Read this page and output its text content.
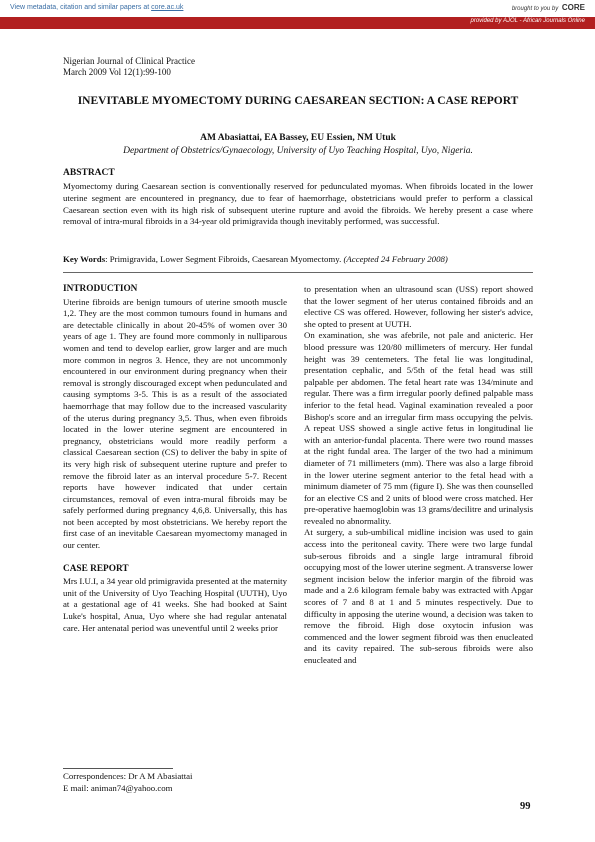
View metadata, citation and similar papers at core.ac.uk	brought to you by CORE
provided by AJOL - African Journals Online
Nigerian Journal of Clinical Practice
March 2009 Vol 12(1):99-100
INEVITABLE MYOMECTOMY DURING CAESAREAN SECTION: A CASE REPORT
AM Abasiattai, EA Bassey, EU Essien, NM Utuk
Department of Obstetrics/Gynaecology, University of Uyo Teaching Hospital, Uyo, Nigeria.
ABSTRACT
Myomectomy during Caesarean section is conventionally reserved for pedunculated myomas. When fibroids located in the lower uterine segment are encountered in pregnancy, due to fear of haemorrhage, obstetricians would prefer to perform a classical Caesarean section even with its high risk of subsequent uterine rupture and avoid the fibroids. We hereby present a case where removal of intra-mural fibroids in a 34-year old primigravida though inevitably performed, was successful.
Key Words: Primigravida, Lower Segment Fibroids, Caesarean Myomectomy. (Accepted 24 February 2008)
INTRODUCTION

Uterine fibroids are benign tumours of uterine smooth muscle 1,2. They are the most common tumours found in humans and are detectable clinically in about 20-45% of women over 30 years of age 1. They are found more commonly in nulliparous women and tend to develop earlier, grow larger and are much more common in negros 3. Hence, they are not uncommonly encountered in our environment during pregnancy when their removal is strongly discouraged except when pedunculated and causing symptoms 3-5. This is as a result of the associated haemorrhage that may follow due to the increased vascularity of the uterus during pregnancy 3,5. Thus, when even fibroids located in the lower uterine segment are encountered in pregnancy, obstetricians would more readily perform a classical Caesarean section (CS) to deliver the baby in spite of its very high risk of subsequent uterine rupture and prefer to remove the fibroid later as an interval procedure 5-7. Recent reports have however indicated that under certain circumstances, removal of even intra-mural fibroids may be safely performed during pregnancy 4,6,8. Universally, this has not been accepted by most obstetricians. We hereby report the first case of an inevitable Caesarean myomectomy managed in our center.

CASE REPORT

Mrs I.U.I, a 34 year old primigravida presented at the maternity unit of the University of Uyo Teaching Hospital (UUTH), Uyo at a gestational age of 41 weeks. She had booked at Saint Luke's hospital, Anua, Uyo where she had regular antenatal care. Her antenatal period was uneventful until 2 weeks prior

to presentation when an ultrasound scan (USS) report showed that the lower segment of her uterus contained fibroids and an elective CS was offered. However, following her sister's advice, she opted to present at UUTH.

On examination, she was afebrile, not pale and anicteric. Her blood pressure was 120/80 millimeters of mercury. Her fundal height was 39 centemeters. The fetal lie was longitudinal, presentation cephalic, and 5/5th of the fetal head was still palpable per abdomen. The fetal heart rate was 134/minute and regular. There was a firm irregular poorly defined palpable mass inferior to the fetal head. Vaginal examination revealed a poor Bishop's score and an irregular firm mass occupying the pelvis. A repeat USS showed a single active fetus in longitudinal lie with an anterior-fundal placenta. There were two round masses at the right fundal area. The larger of the two had a minimum diameter of 71 millimeters (mm). There was also a large fibroid in the lower uterine segment anterior to the fetal head with a minimum diameter of 75 mm (figure I). She was then counselled for an elective CS and 2 units of blood were cross matched. Her pre-operative haemoglobin was 13 grams/decilitre and urinalysis revealed no abnormality.

At surgery, a sub-umbilical midline incision was used to gain access into the peritoneal cavity. There were two large fundal sub-serous fibroids and a single large intramural fibroid occupying most of the lower uterine segment. A transverse lower segment incision below the inferior margin of the fibroid was made and a 2.6 kilogram female baby was extracted with Apgar scores of 7 and 8 at 1 and 5 minutes respectively. Due to difficulty in apposing the uterine wound, a decision was taken to remove the fibroid. High dose oxytocin infusion was commenced and the lower segment fibroid was then enucleated and its cavity repaired. The sub-serous fibroids were also enucleated and

Correspondences: Dr A M Abasiattai
E mail: animan74@yahoo.com
99
